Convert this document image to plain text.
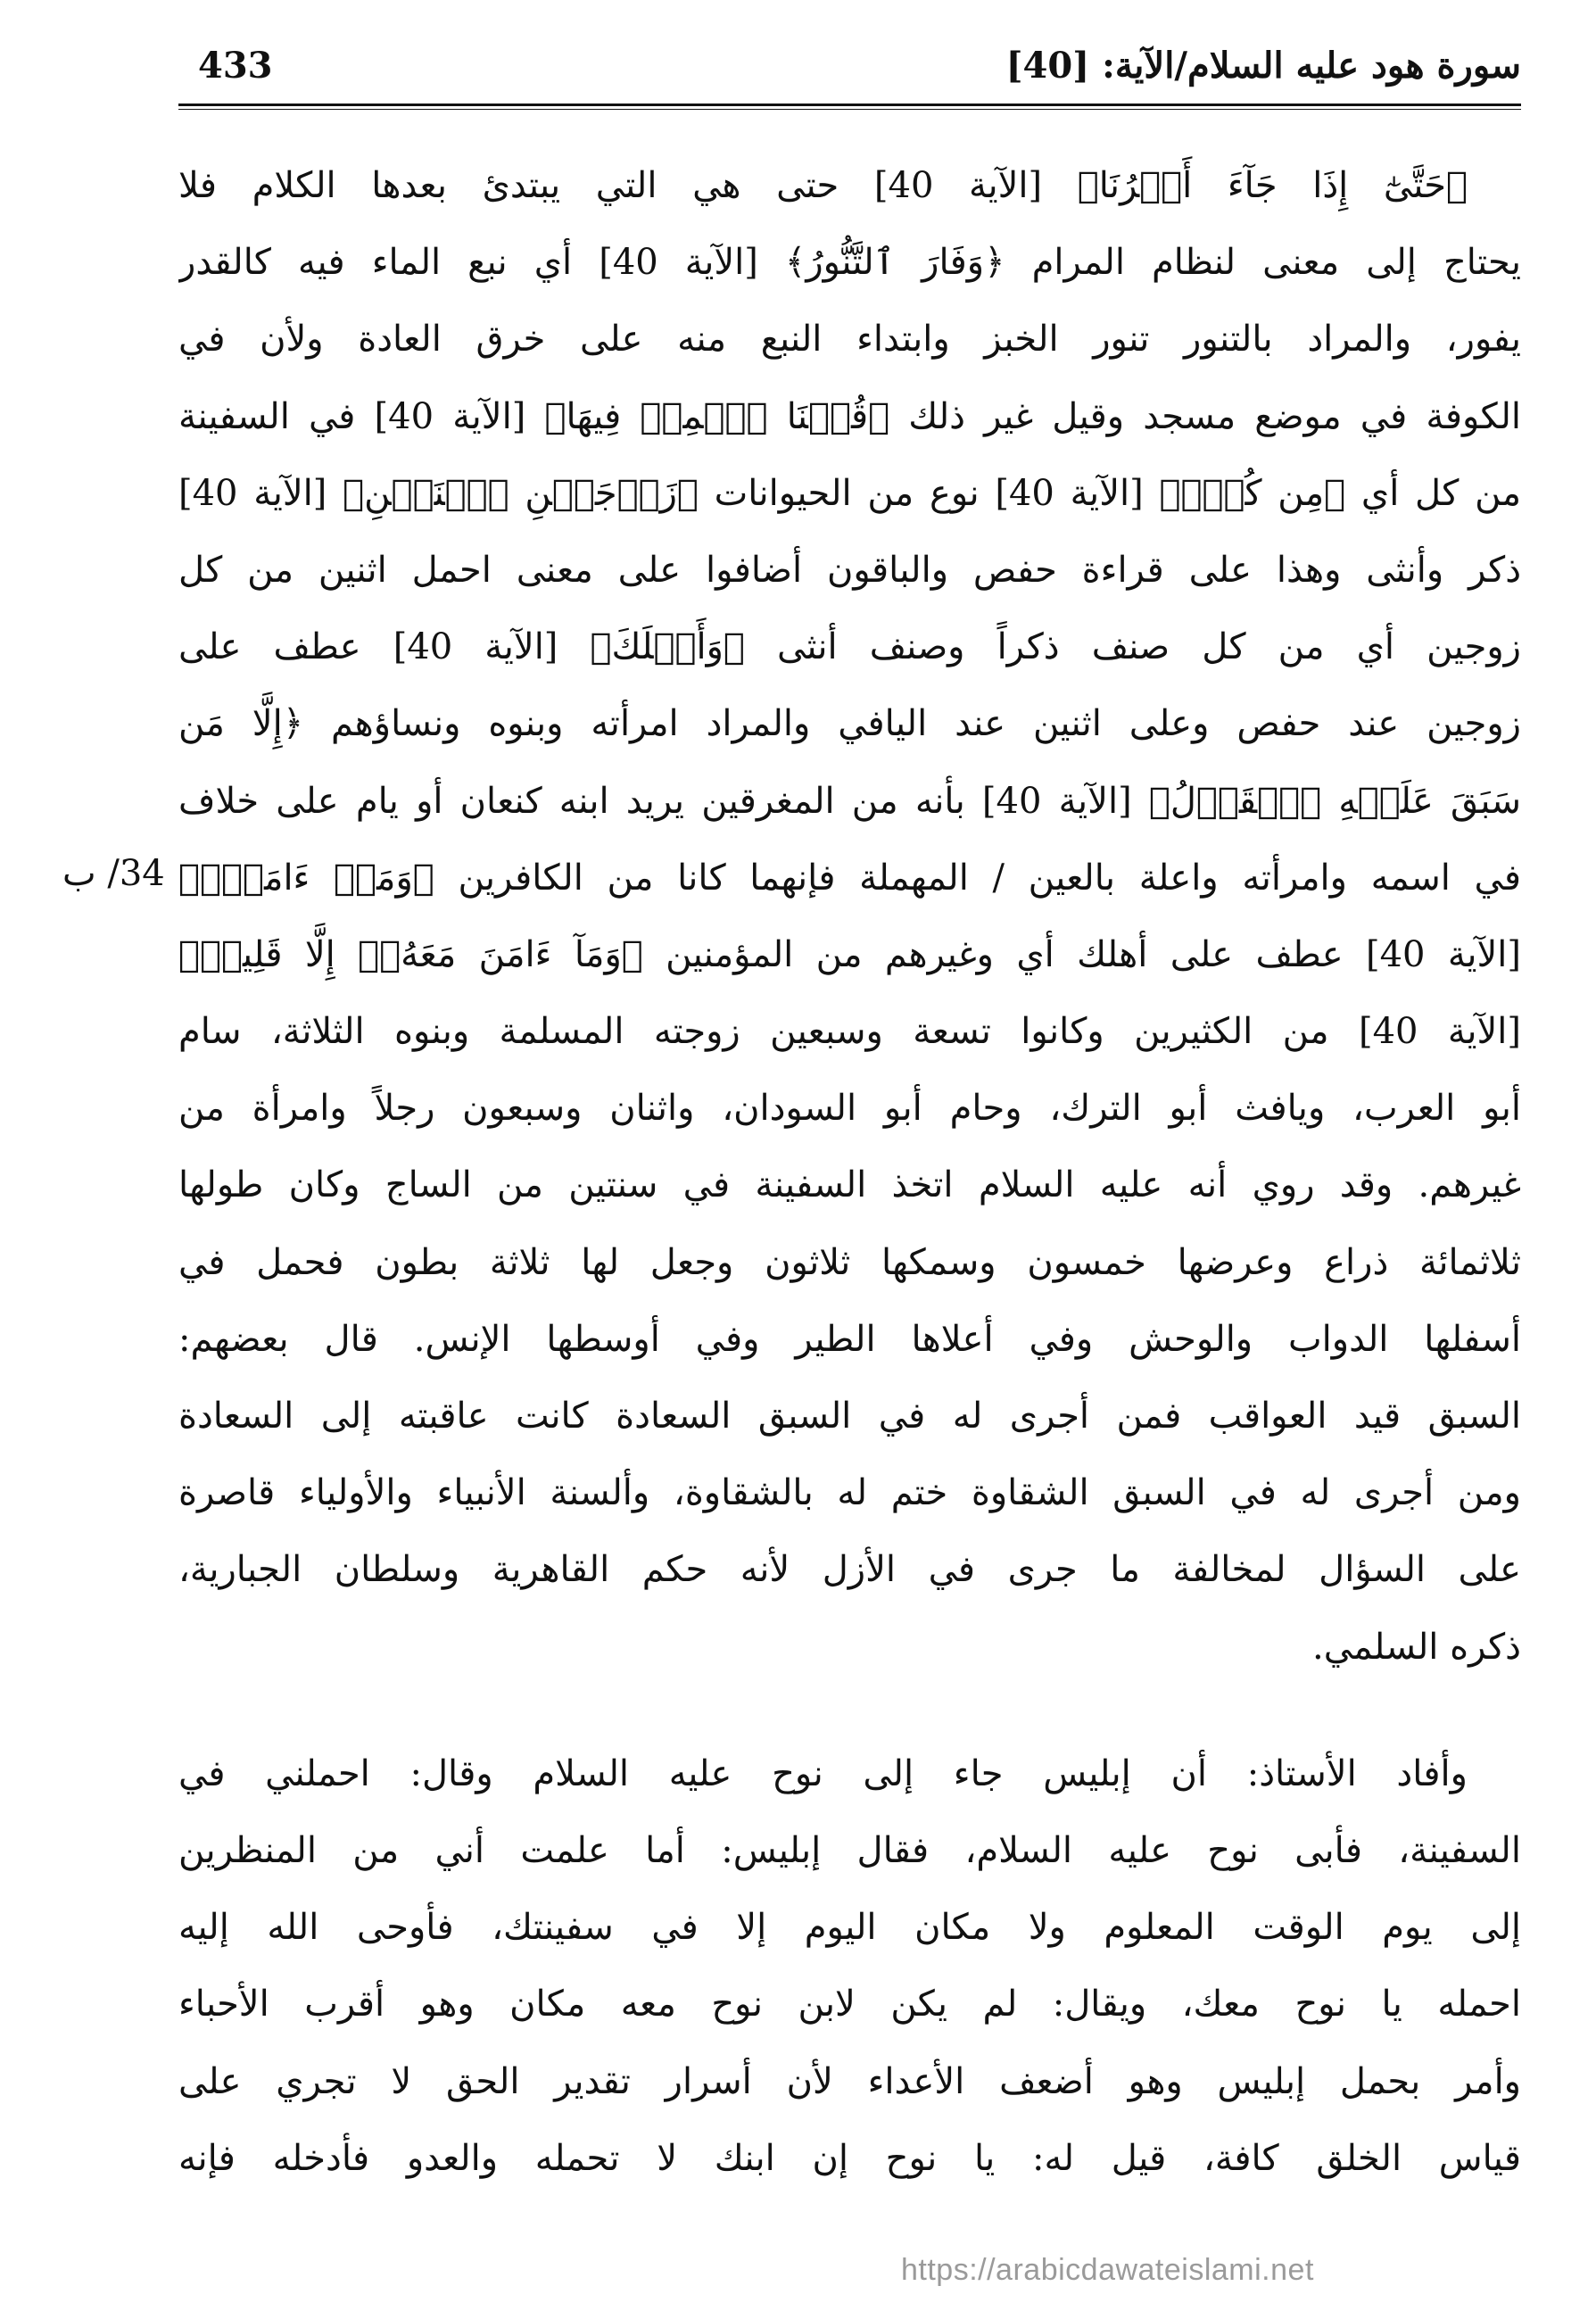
433	سورة هود عليه السلام/الآية: [40]
34/ ب
﴿حَتَّىٰٓ إِذَا جَآءَ أَمۡرُنَا﴾ [الآية 40] حتى هي التي يبتدئ بعدها الكلام فلا
يحتاج إلى معنى لنظام المرام ﴿وَفَارَ ٱلتَّنُّورُ﴾ [الآية 40] أي نبع الماء فيه كالقدر
يفور، والمراد بالتنور تنور الخبز وابتداء النبع منه على خرق العادة ولأن في
الكوفة في موضع مسجد وقيل غير ذلك ﴿قُلۡنَا ٱحۡمِلۡ فِيهَا﴾ [الآية 40] في السفينة
من كل أي ﴿مِن كُلّٖ﴾ [الآية 40] نوع من الحيوانات ﴿زَوۡجَيۡنِ ٱثۡنَيۡنِ﴾ [الآية 40]
ذكر وأنثى وهذا على قراءة حفص والباقون أضافوا على معنى احمل اثنين من كل
زوجين أي من كل صنف ذكراً وصنف أنثى ﴿وَأَهۡلَكَ﴾ [الآية 40] عطف على
زوجين عند حفص وعلى اثنين عند اليافي والمراد امرأته وبنوه ونساؤهم ﴿إِلَّا مَن
سَبَقَ عَلَيۡهِ ٱلۡقَوۡلُ﴾ [الآية 40] بأنه من المغرقين يريد ابنه كنعان أو يام على خلاف
في اسمه وامرأته واعلة بالعين / المهملة فإنهما كانا من الكافرين ﴿وَمَنۡ ءَامَنَۚ﴾
[الآية 40] عطف على أهلك أي وغيرهم من المؤمنين ﴿وَمَآ ءَامَنَ مَعَهُۥٓ إِلَّا قَلِيلٞ﴾
[الآية 40] من الكثيرين وكانوا تسعة وسبعين زوجته المسلمة وبنوه الثلاثة، سام
أبو العرب، ويافث أبو الترك، وحام أبو السودان، واثنان وسبعون رجلاً وامرأة من
غيرهم. وقد روي أنه عليه السلام اتخذ السفينة في سنتين من الساج وكان طولها
ثلاثمائة ذراع وعرضها خمسون وسمكها ثلاثون وجعل لها ثلاثة بطون فحمل في
أسفلها الدواب والوحش وفي أعلاها الطير وفي أوسطها الإنس. قال بعضهم:
السبق قيد العواقب فمن أجرى له في السبق السعادة كانت عاقبته إلى السعادة
ومن أجرى له في السبق الشقاوة ختم له بالشقاوة، وألسنة الأنبياء والأولياء قاصرة
على السؤال لمخالفة ما جرى في الأزل لأنه حكم القاهرية وسلطان الجبارية،
ذكره السلمي.
وأفاد الأستاذ: أن إبليس جاء إلى نوح عليه السلام وقال: احملني في
السفينة، فأبى نوح عليه السلام، فقال إبليس: أما علمت أني من المنظرين
إلى يوم الوقت المعلوم ولا مكان اليوم إلا في سفينتك، فأوحى الله إليه
احمله يا نوح معك، ويقال: لم يكن لابن نوح معه مكان وهو أقرب الأحباء
وأمر بحمل إبليس وهو أضعف الأعداء لأن أسرار تقدير الحق لا تجري على
قياس الخلق كافة، قيل له: يا نوح إن ابنك لا تحمله والعدو فأدخله فإنه
https://arabicdawateislami.net
